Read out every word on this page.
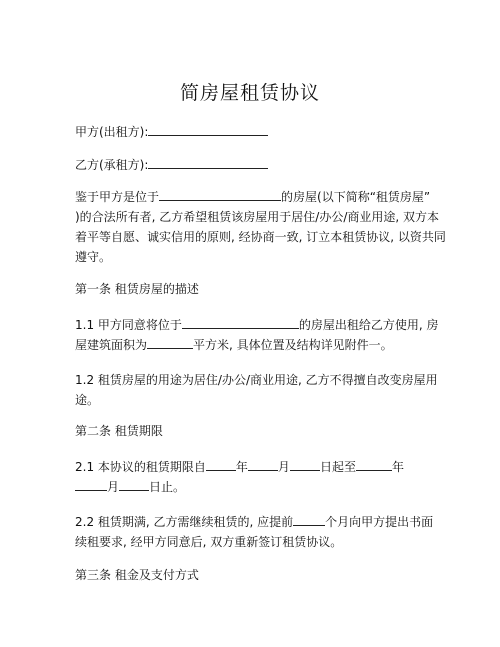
简房屋租赁协议
甲方(出租方):
乙方(承租方):
鉴于甲方是位于	的房屋(以下简称“租赁房屋”
)的合法所有者, 乙方希望租赁该房屋用于居住/办公/商业用途, 双方本
着平等自愿、诚实信用的原则, 经协商一致, 订立本租赁协议, 以资共同
遵守。
第一条 租赁房屋的描述
1.1 甲方同意将位于	的房屋出租给乙方使用, 房
屋建筑面积为	平方米, 具体位置及结构详见附件一。
1.2 租赁房屋的用途为居住/办公/商业用途, 乙方不得擅自改变房屋用
途。
第二条 租赁期限
2.1 本协议的租赁期限自	年	月	日起至	年
月	日止。
2.2 租赁期满, 乙方需继续租赁的, 应提前	个月向甲方提出书面
续租要求, 经甲方同意后, 双方重新签订租赁协议。
第三条 租金及支付方式
